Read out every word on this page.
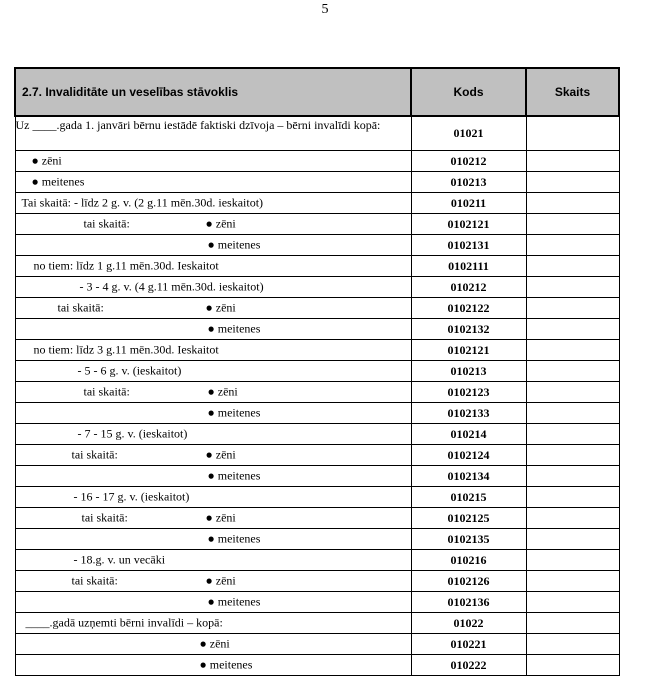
5
2.7. Invaliditāte un veselības stāvoklis	Kods	Skaits
Uz ____.gada 1. janvāri bērnu iestādē faktiski dzīvoja – bērni invalīdi kopā:	01021	

● zēni	010212	

● meitenes	010213	

Tai skaitā: - līdz 2 g. v. (2 g.11 mēn.30d. ieskaitot)	010211	

tai skaitā: ● zēni	0102121	

● meitenes	0102131	

no tiem: līdz 1 g.11 mēn.30d. Ieskaitot	0102111	

- 3 - 4 g. v. (4 g.11 mēn.30d. ieskaitot)	010212	

tai skaitā: ● zēni	0102122	

● meitenes	0102132	

no tiem: līdz 3 g.11 mēn.30d. Ieskaitot	0102121	

- 5 - 6 g. v. (ieskaitot)	010213	

tai skaitā: ● zēni	0102123	

● meitenes	0102133	

- 7 - 15 g. v. (ieskaitot)	010214	

tai skaitā: ● zēni	0102124	

● meitenes	0102134	

- 16 - 17 g. v. (ieskaitot)	010215	

tai skaitā: ● zēni	0102125	

● meitenes	0102135	

- 18.g. v. un vecāki	010216	

tai skaitā: ● zēni	0102126	

● meitenes	0102136	

____.gadā uzņemti bērni invalīdi – kopā:	01022	

● zēni	010221	

● meitenes	010222	
